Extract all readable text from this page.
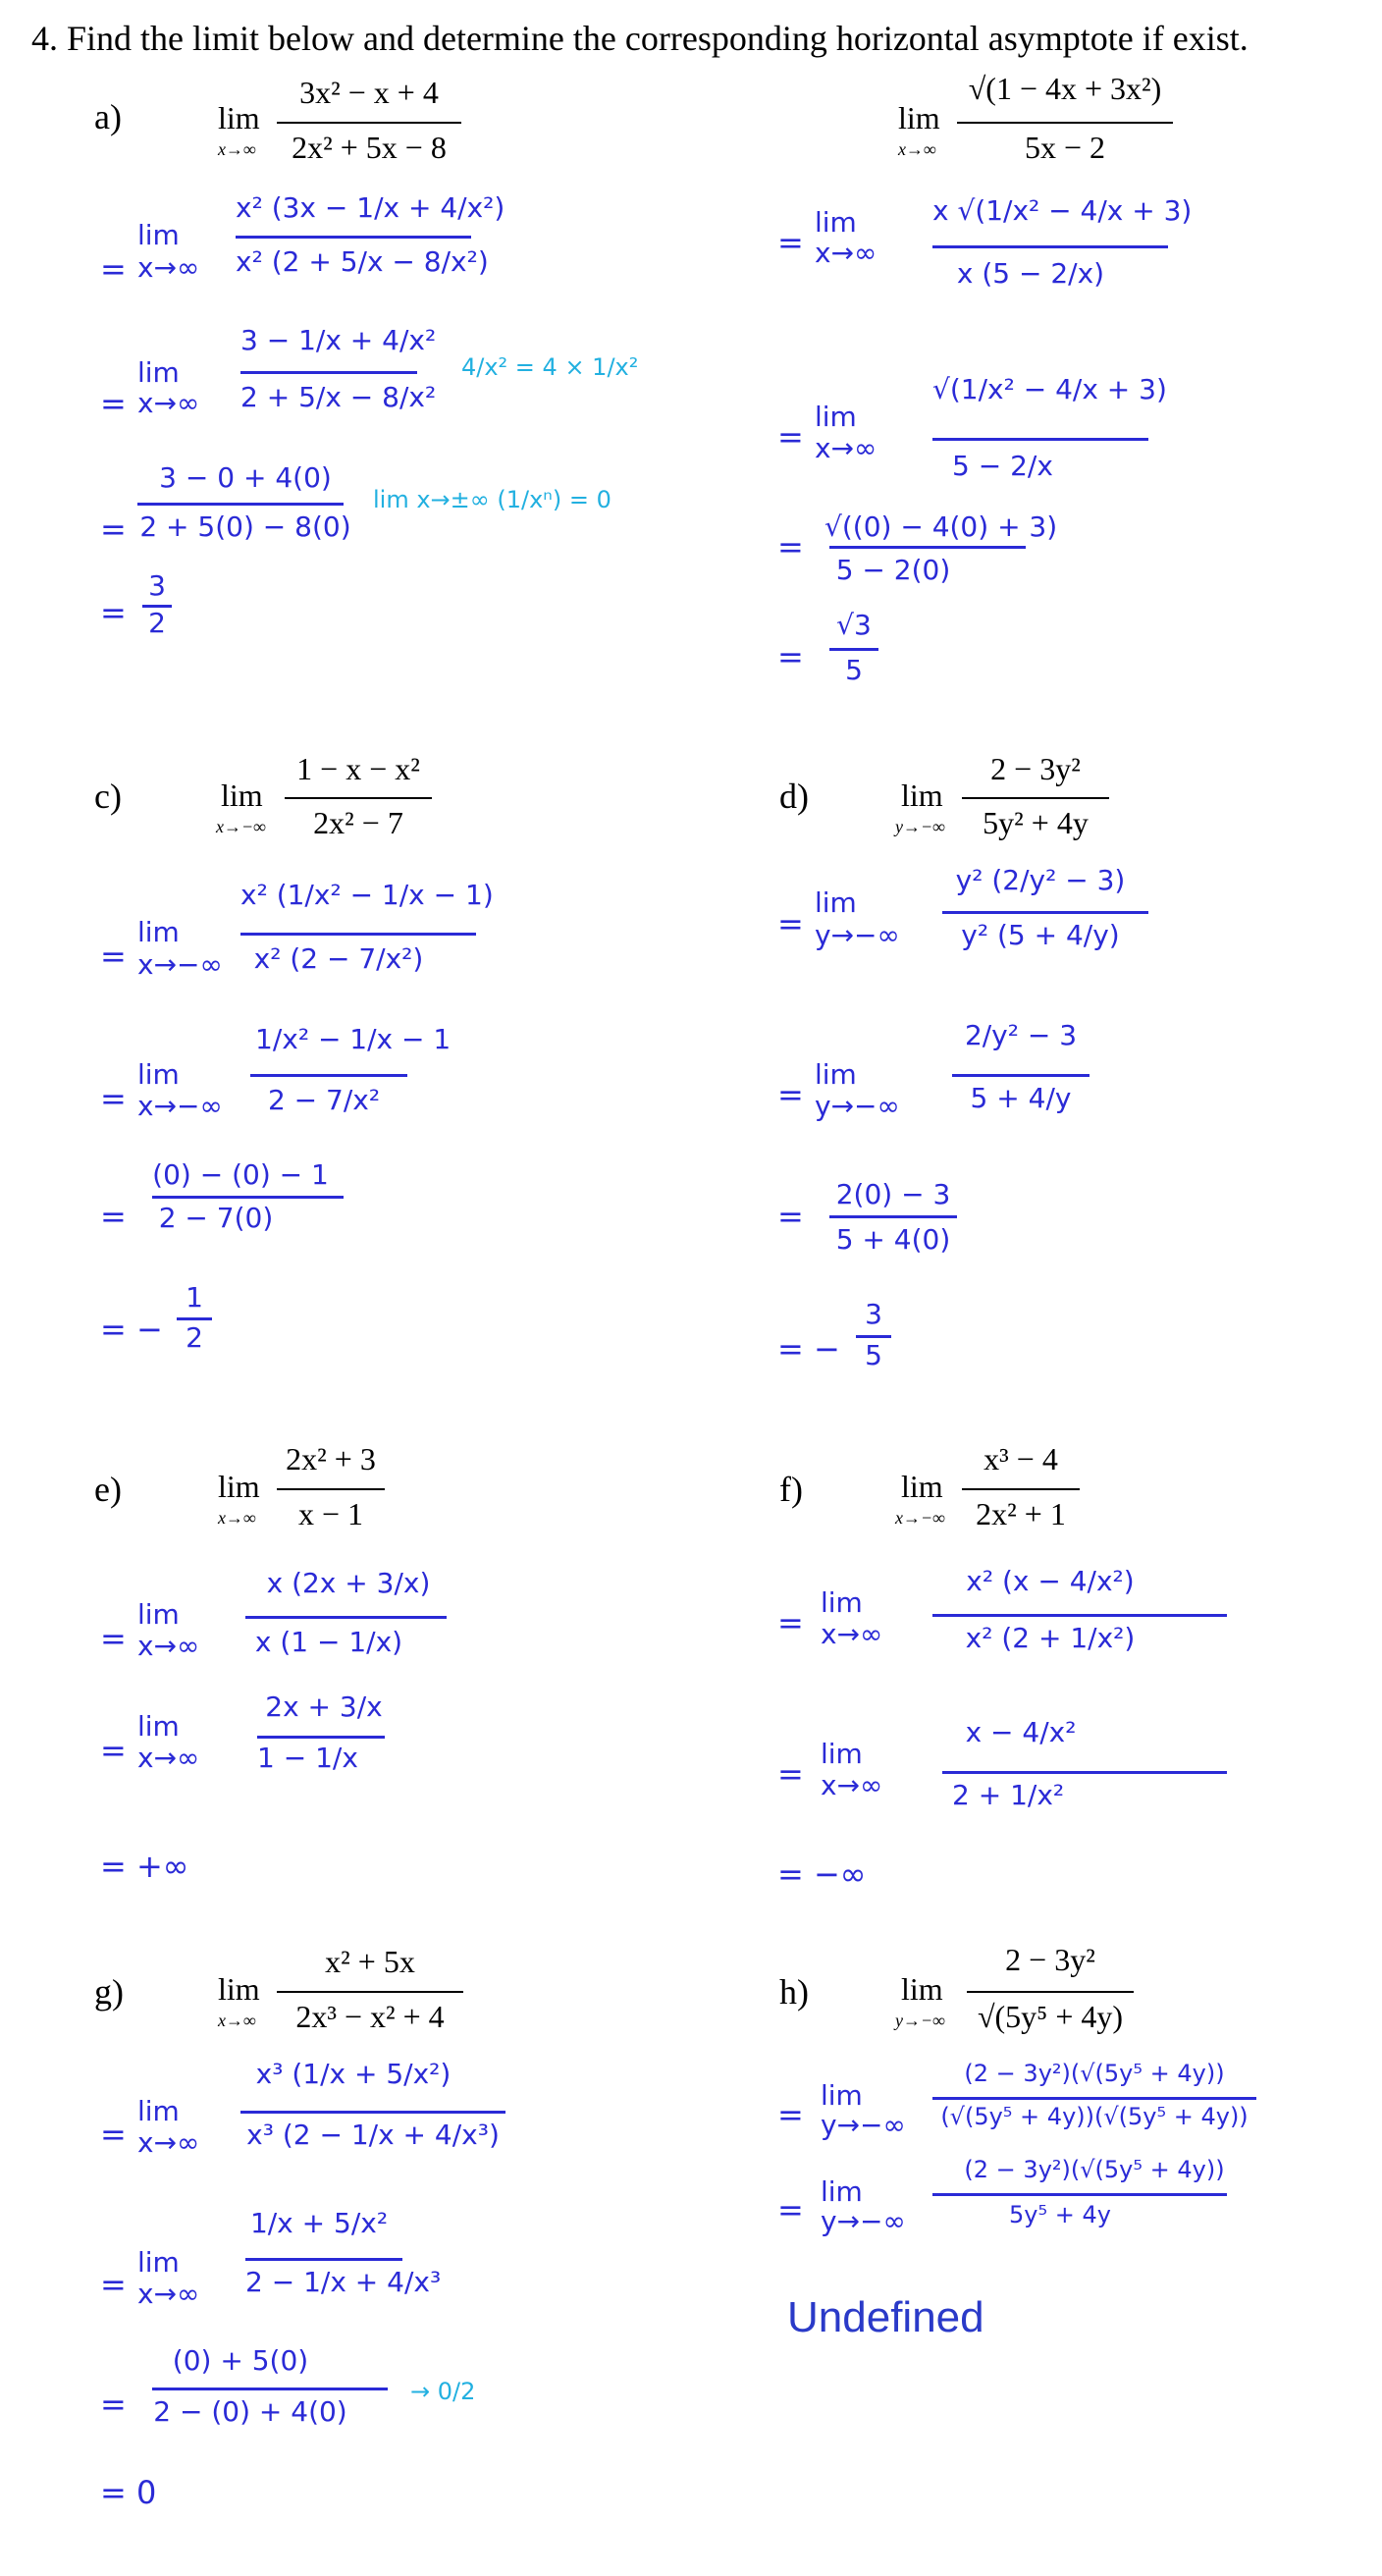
4. Find the limit below and determine the corresponding horizontal asymptote if exist.
a)	lim
x→∞
3x² − x + 4
2x² + 5x − 8
lim
= x→∞
x² (3x − 1/x + 4/x²)
x² (2 + 5/x − 8/x²)
lim
= x→∞
3 − 1/x + 4/x²
2 + 5/x − 8/x²
4/x² = 4 × 1/x²
=
3 − 0 + 4(0)
2 + 5(0) − 8(0)
lim x→±∞ (1/xⁿ) = 0
=
3
2
lim
x→∞
√(1 − 4x + 3x²)
5x − 2
lim
= x→∞
x √(1/x² − 4/x + 3)
x (5 − 2/x)
lim
= x→∞
√(1/x² − 4/x + 3)
5 − 2/x
=
√((0) − 4(0) + 3)
5 − 2(0)
=
√3
5
c)	lim
x→−∞
1 − x − x²
2x² − 7
lim
= x→−∞
x² (1/x² − 1/x − 1)
x² (2 − 7/x²)
lim
= x→−∞
1/x² − 1/x − 1
2 − 7/x²
=
(0) − (0) − 1
2 − 7(0)
= −
1
2
d)	lim
y→−∞
2 − 3y²
5y² + 4y
lim
= y→−∞
y² (2/y² − 3)
y² (5 + 4/y)
lim
= y→−∞
2/y² − 3
5 + 4/y
=
2(0) − 3
5 + 4(0)
= −
3
5
e)	lim
x→∞
2x² + 3
x − 1
lim
= x→∞
x (2x + 3/x)
x (1 − 1/x)
lim
= x→∞
2x + 3/x
1 − 1/x
= +∞
f)	lim
x→−∞
x³ − 4
2x² + 1
lim
= x→∞
x² (x − 4/x²)
x² (2 + 1/x²)
lim
= x→∞
x − 4/x²
2 + 1/x²
= −∞
g)	lim
x→∞
x² + 5x
2x³ − x² + 4
lim
= x→∞
x³ (1/x + 5/x²)
x³ (2 − 1/x + 4/x³)
lim
= x→∞
1/x + 5/x²
2 − 1/x + 4/x³
=
(0) + 5(0)
2 − (0) + 4(0)
→ 0/2
= 0
h)	lim
y→−∞
2 − 3y²
√(5y⁵ + 4y)
lim
= y→−∞
(2 − 3y²)(√(5y⁵ + 4y))
(√(5y⁵ + 4y))(√(5y⁵ + 4y))
lim
= y→−∞
(2 − 3y²)(√(5y⁵ + 4y))
5y⁵ + 4y
Undefined
